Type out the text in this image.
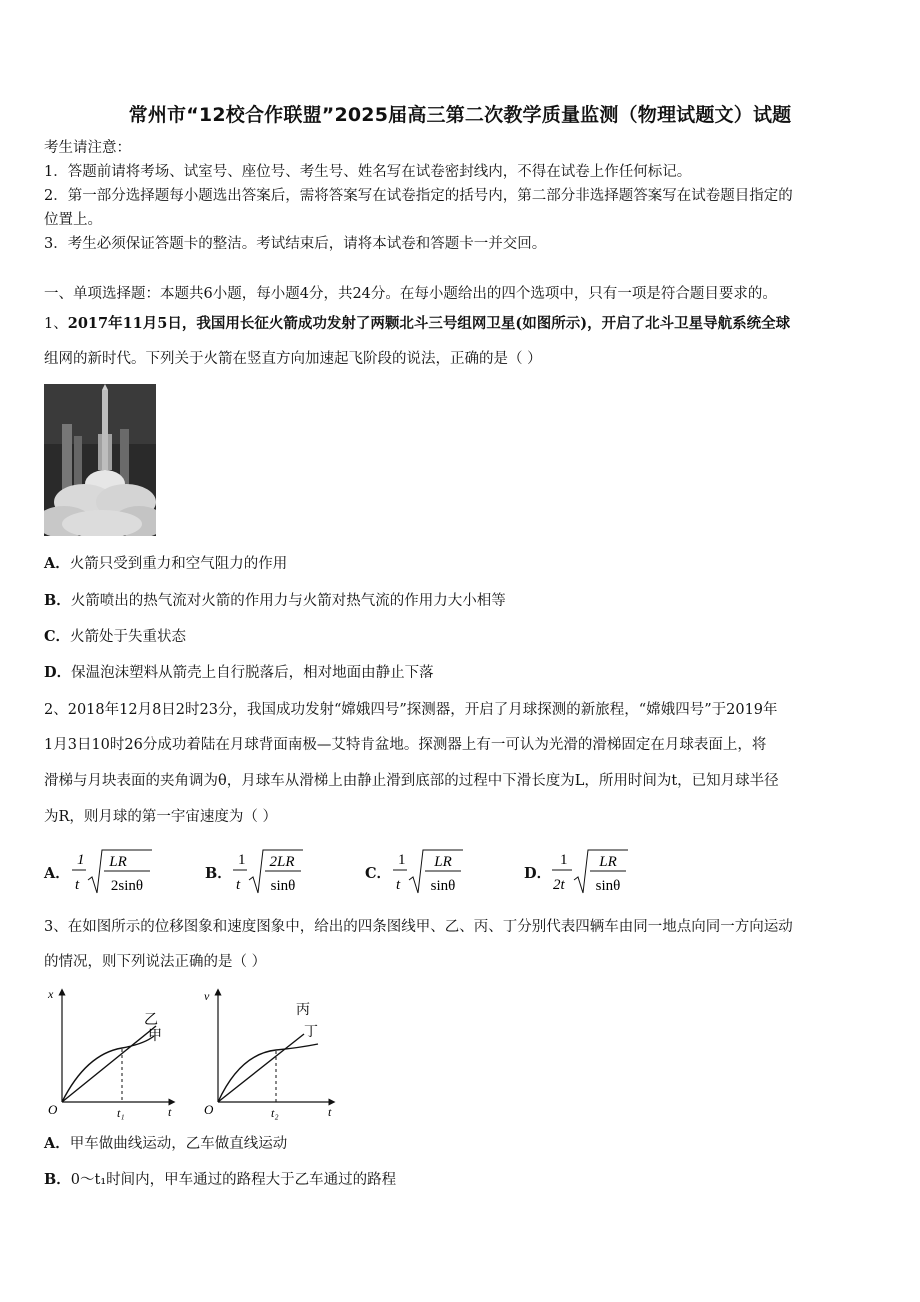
常州市“12校合作联盟”2025届高三第二次教学质量监测（物理试题文）试题
考生请注意：
1．答题前请将考场、试室号、座位号、考生号、姓名写在试卷密封线内，不得在试卷上作任何标记。
2．第一部分选择题每小题选出答案后，需将答案写在试卷指定的括号内，第二部分非选择题答案写在试卷题目指定的
位置上。
3．考生必须保证答题卡的整洁。考试结束后，请将本试卷和答题卡一并交回。
一、单项选择题：本题共6小题，每小题4分，共24分。在每小题给出的四个选项中，只有一项是符合题目要求的。
1、2017年11月5日，我国用长征火箭成功发射了两颗北斗三号组网卫星(如图所示)，开启了北斗卫星导航系统全球
组网的新时代。下列关于火箭在竖直方向加速起飞阶段的说法，正确的是（ ）
A．火箭只受到重力和空气阻力的作用
B．火箭喷出的热气流对火箭的作用力与火箭对热气流的作用力大小相等
C．火箭处于失重状态
D．保温泡沫塑料从箭壳上自行脱落后，相对地面由静止下落
2、2018年12月8日2时23分，我国成功发射“嫦娥四号”探测器，开启了月球探测的新旅程，“嫦娥四号”于2019年
1月3日10时26分成功着陆在月球背面南极—艾特肯盆地。探测器上有一可认为光滑的滑梯固定在月球表面上，将
滑梯与月块表面的夹角调为θ，月球车从滑梯上由静止滑到底部的过程中下滑长度为L，所用时间为t，已知月球半径
为R，则月球的第一宇宙速度为（ ）
A．
1
t
LR
2sinθ
B．
1
t
2LR
sinθ
C．
1
t
LR
sinθ
D．
1
2t
LR
sinθ
3、在如图所示的位移图象和速度图象中，给出的四条图线甲、乙、丙、丁分别代表四辆车由同一地点向同一方向运动
的情况，则下列说法正确的是（ ）
x
t
O	t₁
乙
甲
v
t
O	t₂
丙
丁
A．甲车做曲线运动，乙车做直线运动
B．0～t₁时间内，甲车通过的路程大于乙车通过的路程
